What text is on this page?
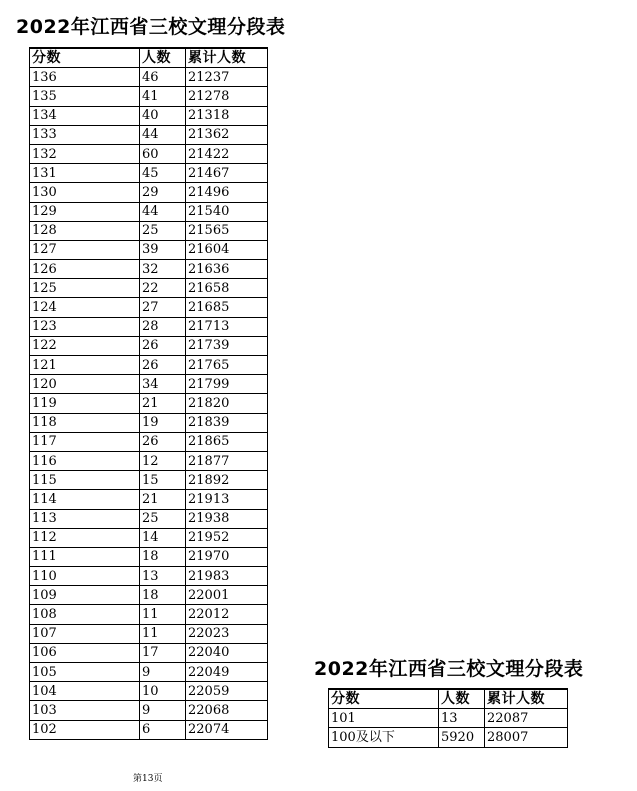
2022年江西省三校文理分段表
分数	人数	累计人数
136	46	21237
135	41	21278
134	40	21318
133	44	21362
132	60	21422
131	45	21467
130	29	21496
129	44	21540
128	25	21565
127	39	21604
126	32	21636
125	22	21658
124	27	21685
123	28	21713
122	26	21739
121	26	21765
120	34	21799
119	21	21820
118	19	21839
117	26	21865
116	12	21877
115	15	21892
114	21	21913
113	25	21938
112	14	21952
111	18	21970
110	13	21983
109	18	22001
108	11	22012
107	11	22023
106	17	22040
105	9	22049
104	10	22059
103	9	22068
102	6	22074
2022年江西省三校文理分段表
分数	人数	累计人数
101	13	22087
100及以下	5920	28007
第13页
